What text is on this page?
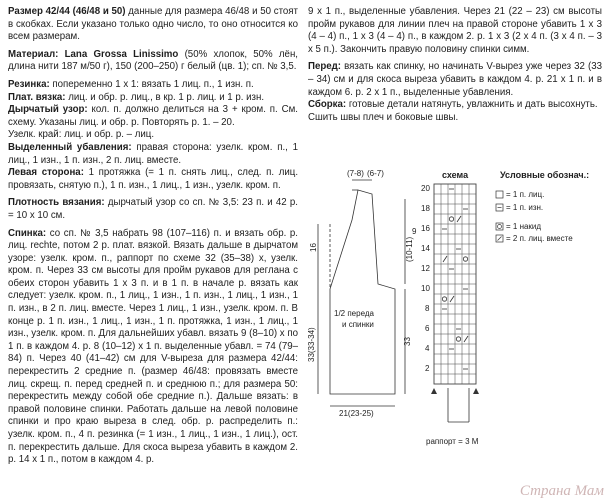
Размер 42/44 (46/48 и 50) данные для размера 46/48 и 50 стоят в скобках. Если указано только одно число, то оно относится ко всем размерам.

Материал: Lana Grossa Linissimo (50% хлопок, 50% лён, длина нити 187 м/50 г), 150 (200–250) г белый (цв. 1); сп. № 3,5.

Резинка: попеременно 1 х 1: вязать 1 лиц. п., 1 изн. п.

Плат. вязка: лиц. и обр. р. лиц., в кр. 1 р. лиц. и 1 р. изн.

Дырчатый узор: кол. п. должно делиться на 3 + кром. п. См. схему. Указаны лиц. и обр. р. Повторять р. 1. – 20.

Узелк. край: лиц. и обр. р. – лиц.

Выделенный убавления: правая сторона: узелк. кром. п., 1 лиц., 1 изн., 1 п. изн., 2 п. лиц. вместе.

Левая сторона: 1 протяжка (= 1 п. снять лиц., след. п. лиц. провязать, снятую п.), 1 п. изн., 1 лиц., 1 изн., узелк. кром. п.

Плотность вязания: дырчатый узор со сп. № 3,5: 23 п. и 42 р. = 10 х 10 см.

Спинка: со сп. № 3,5 набрать 98 (107–116) п. и вязать обр. р. лиц. rechte, потом 2 р. плат. вязкой. Вязать дальше в дырчатом узоре: узелк. кром. п., раппорт по схеме 32 (35–38) х, узелк. кром. п. Через 33 см высоты для пройм рукавов для реглана с обеих сторон убавить 1 х 3 п. и в 1 п. в начале р. вязать как следует: узелк. кром. п., 1 лиц., 1 изн., 1 п. изн., 1 лиц., 1 изн., 1 п. изн., в 2 п. лиц. вместе. Через 1 лиц., 1 изн., узелк. кром. п. В конце р. 1 п. изн., 1 лиц., 1 изн., 1 п. протяжка, 1 изн., 1 лиц., 1 изн., узелк. кром. п. Для дальнейших убавл. вязать 9 (8–10) х по 1 п. в каждом 4. р. 8 (10–12) х 1 п. выделенные убавл. = 74 (79–84) п. Через 40 (41–42) см для V-выреза для размера 42/44: перекрестить 2 средние п. (размер 46/48: провязать вместе лиц. скрещ. п. перед средней п. и среднюю п.; для размера 50: перекрестить между собой обе средние п.). Дальше вязать: в правой половине спинки. Работать дальше на левой половине спинки и про краю выреза в след. обр. р. распределить п.: узелк. кром. п., 4 п. резинка (= 1 изн., 1 лиц., 1 изн., 1 лиц.), ост. п. перекрестить дальше. Для скоса выреза убавить в каждом 2. р. 14 х 1 п., потом в каждом 4. р.

9 х 1 п., выделенные убавления. Через 21 (22 – 23) см высоты пройм рукавов для линии плеч на правой стороне убавить 1 х 3 (4 – 4) п., 1 х 3 (4 – 4) п., в каждом 2. р. 1 х 3 (2 х 4 п. (3 х 4 п. – 3 х 5 п.). Закончить правую половину спинки симм.

Перед: вязать как спинку, но начинать V-вырез уже через 32 (33 – 34) см и для скоса выреза убавить в каждом 4. р. 21 х 1 п. и в каждом 6. р. 2 х 1 п., выделенные убавления.

Сборка: готовые детали натянуть, увлажнить и дать высохнуть.

Сшить швы плеч и боковые швы.

(7-8) (6-7)
16
33(33-34)	33
9
(10-11)
21(23-25)
1/2 переда
и спинки
схема
20
18
16
14
12
10
8
6
4
2
раппорт = 3 М
Условные обознач.:
= 1 п. лиц.
= 1 п. изн.
= 1 накид
= 2 п. лиц. вместе
Страна Мам
